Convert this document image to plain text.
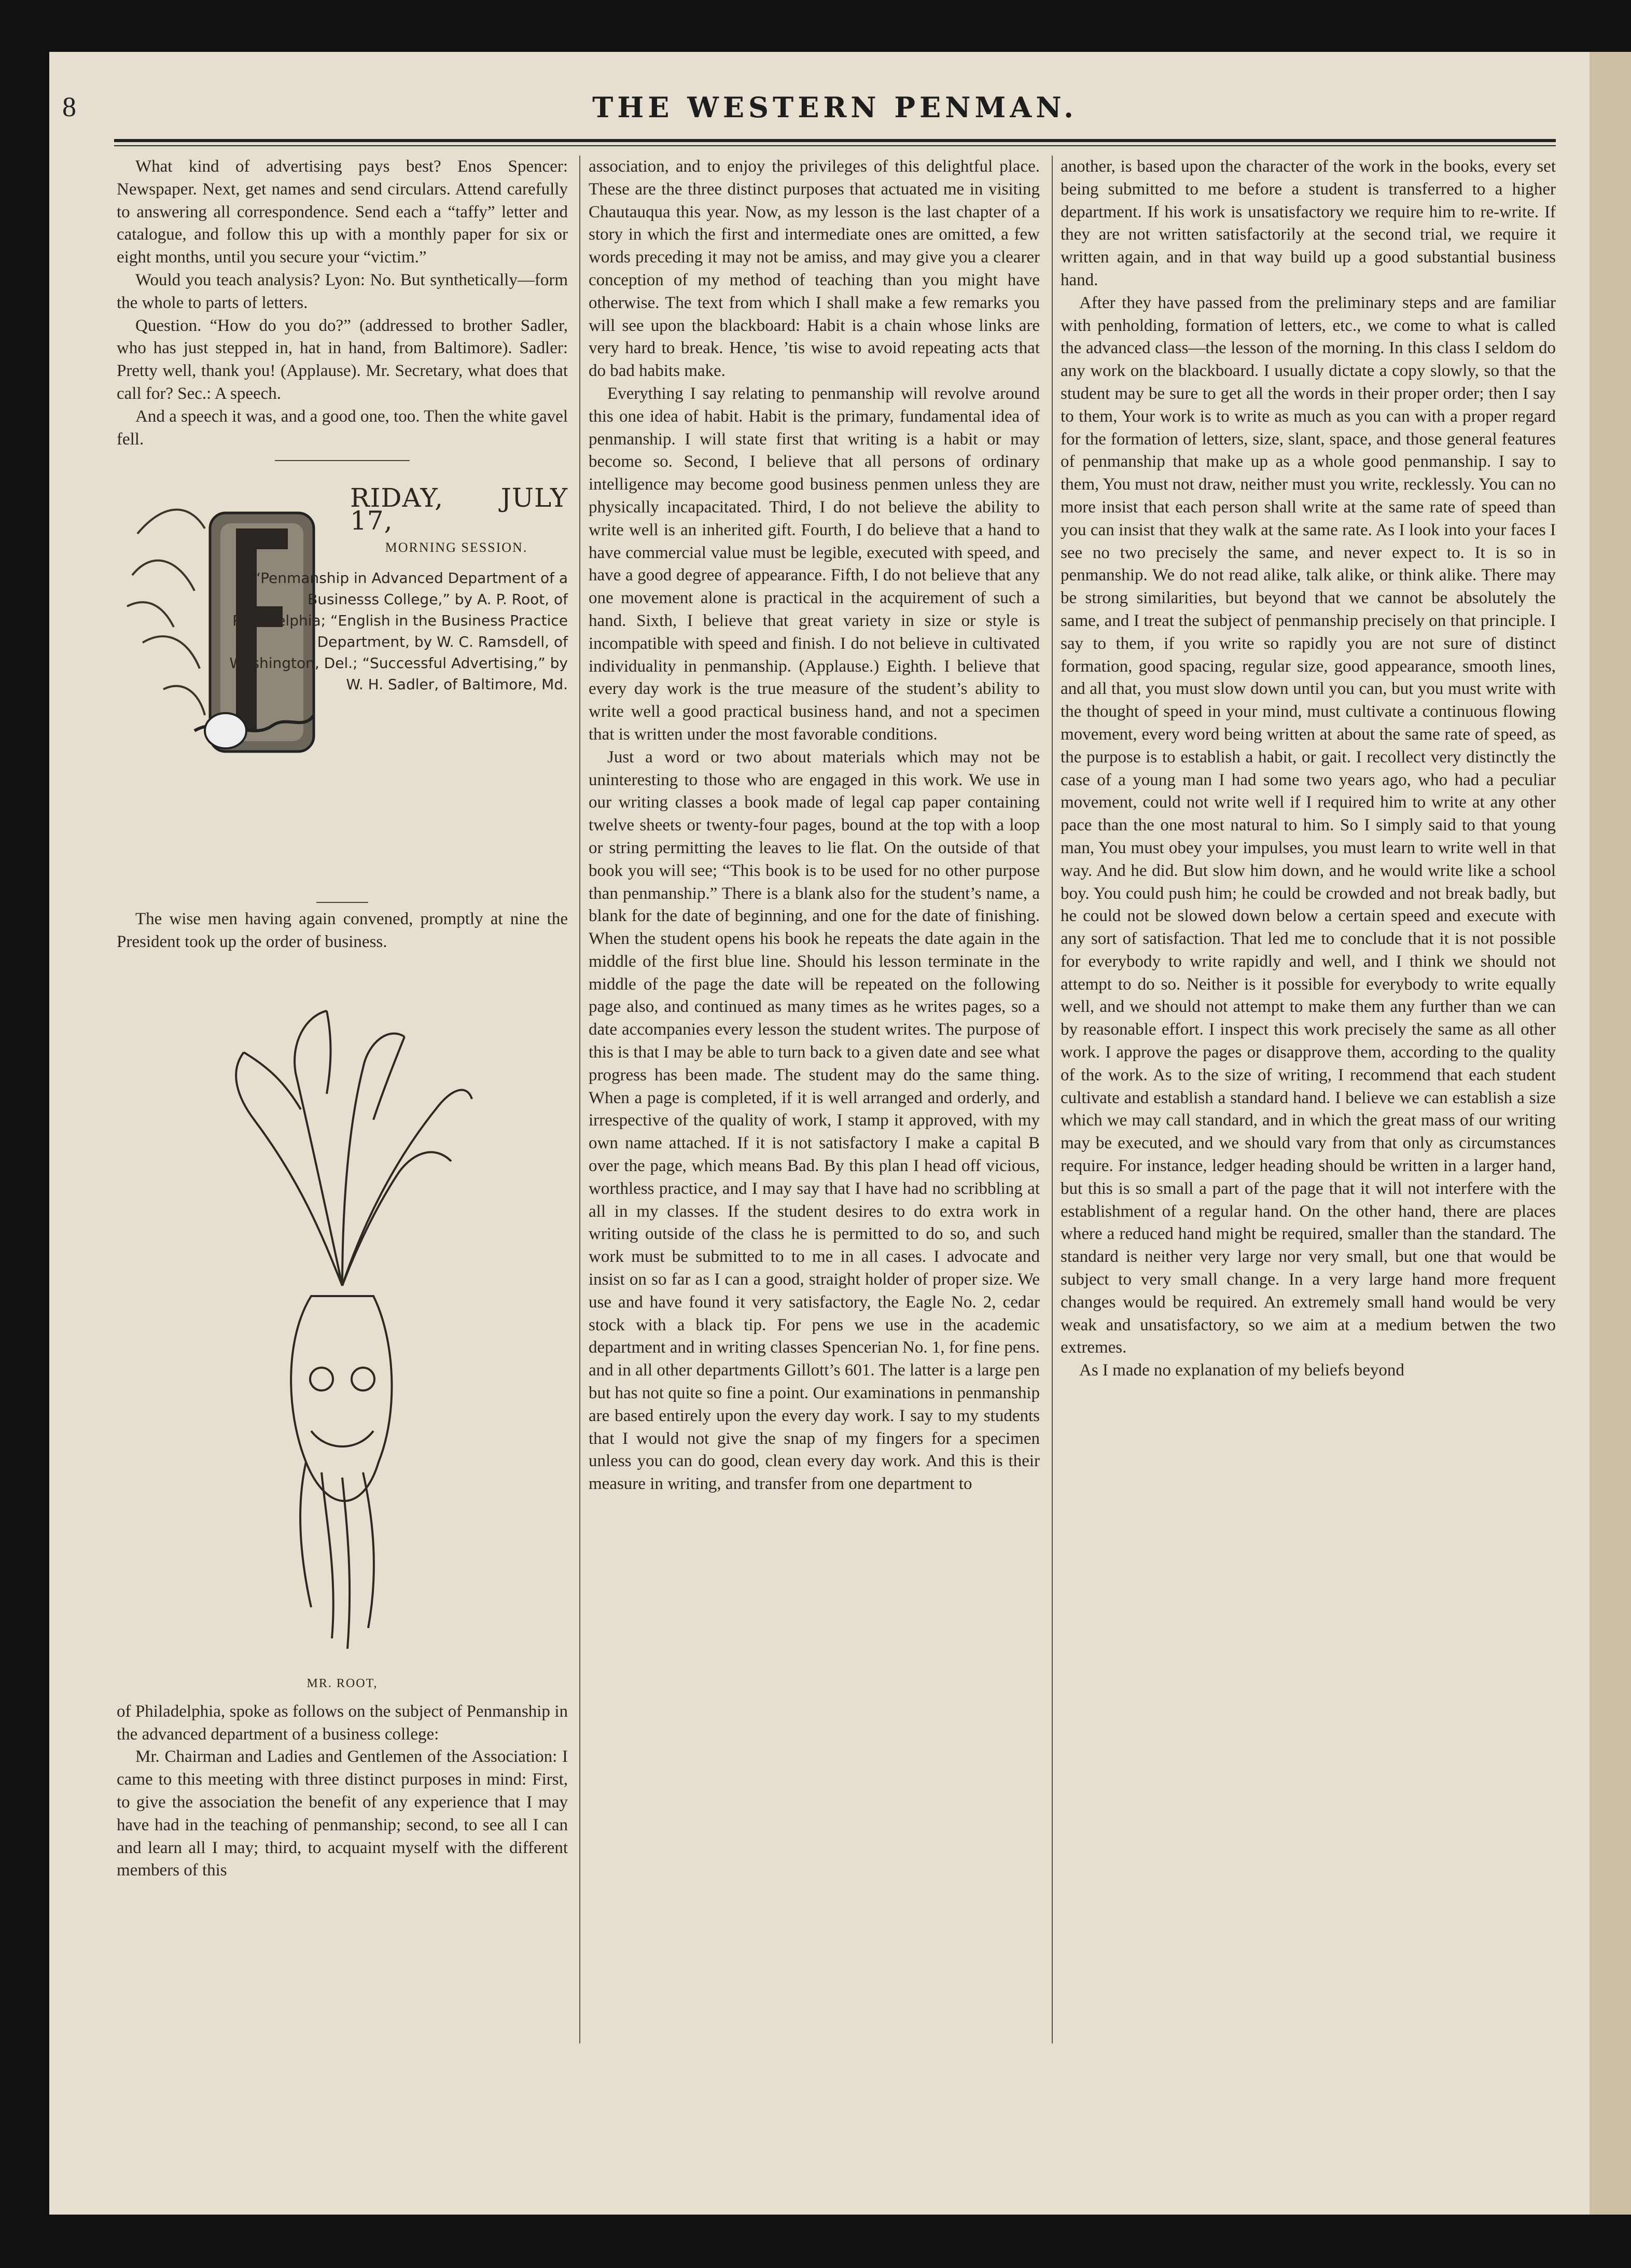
8	THE WESTERN PENMAN.

What kind of advertising pays best? Enos Spencer: Newspaper. Next, get names and send circulars. Attend carefully to answering all correspondence. Send each a “taffy” letter and catalogue, and follow this up with a monthly paper for six or eight months, until you secure your “victim.”

Would you teach analysis? Lyon: No. But synthetically—form the whole to parts of letters.

Question. “How do you do?” (addressed to brother Sadler, who has just stepped in, hat in hand, from Baltimore). Sadler: Pretty well, thank you! (Applause). Mr. Secretary, what does that call for? Sec.: A speech.

And a speech it was, and a good one, too. Then the white gavel fell.

RIDAY, JULY 17,
MORNING SESSION.
“Penmanship in Advanced Department of a Businesss College,” by A. P. Root, of Philadelphia; “English in the Business Practice Department, by W. C. Ramsdell, of Washington, Del.; “Successful Advertising,” by W. H. Sadler, of Baltimore, Md.

The wise men having again convened, promptly at nine the President took up the order of business.

MR. ROOT,

of Philadelphia, spoke as follows on the subject of Penmanship in the advanced department of a business college:

Mr. Chairman and Ladies and Gentlemen of the Association: I came to this meeting with three distinct purposes in mind: First, to give the association the benefit of any experience that I may have had in the teaching of penmanship; second, to see all I can and learn all I may; third, to acquaint myself with the different members of this

association, and to enjoy the privileges of this delightful place. These are the three distinct purposes that actuated me in visiting Chautauqua this year. Now, as my lesson is the last chapter of a story in which the first and intermediate ones are omitted, a few words preceding it may not be amiss, and may give you a clearer conception of my method of teaching than you might have otherwise. The text from which I shall make a few remarks you will see upon the blackboard: Habit is a chain whose links are very hard to break. Hence, ’tis wise to avoid repeating acts that do bad habits make.

Everything I say relating to penmanship will revolve around this one idea of habit. Habit is the primary, fundamental idea of penmanship. I will state first that writing is a habit or may become so. Second, I believe that all persons of ordinary intelligence may become good business penmen unless they are physically incapacitated. Third, I do not believe the ability to write well is an inherited gift. Fourth, I do believe that a hand to have commercial value must be legible, executed with speed, and have a good degree of appearance. Fifth, I do not believe that any one movement alone is practical in the acquirement of such a hand. Sixth, I believe that great variety in size or style is incompatible with speed and finish. I do not believe in cultivated individuality in penmanship. (Applause.) Eighth. I believe that every day work is the true measure of the student’s ability to write well a good practical business hand, and not a specimen that is written under the most favorable conditions.

Just a word or two about materials which may not be uninteresting to those who are engaged in this work. We use in our writing classes a book made of legal cap paper containing twelve sheets or twenty-four pages, bound at the top with a loop or string permitting the leaves to lie flat. On the outside of that book you will see; “This book is to be used for no other purpose than penmanship.” There is a blank also for the student’s name, a blank for the date of beginning, and one for the date of finishing. When the student opens his book he repeats the date again in the middle of the first blue line. Should his lesson terminate in the middle of the page the date will be repeated on the following page also, and continued as many times as he writes pages, so a date accompanies every lesson the student writes. The purpose of this is that I may be able to turn back to a given date and see what progress has been made. The student may do the same thing. When a page is completed, if it is well arranged and orderly, and irrespective of the quality of work, I stamp it approved, with my own name attached. If it is not satisfactory I make a capital B over the page, which means Bad. By this plan I head off vicious, worthless practice, and I may say that I have had no scribbling at all in my classes. If the student desires to do extra work in writing outside of the class he is permitted to do so, and such work must be submitted to to me in all cases. I advocate and insist on so far as I can a good, straight holder of proper size. We use and have found it very satisfactory, the Eagle No. 2, cedar stock with a black tip. For pens we use in the academic department and in writing classes Spencerian No. 1, for fine pens. and in all other departments Gillott’s 601. The latter is a large pen but has not quite so fine a point. Our examinations in penmanship are based entirely upon the every day work. I say to my students that I would not give the snap of my fingers for a specimen unless you can do good, clean every day work. And this is their measure in writing, and transfer from one department to

another, is based upon the character of the work in the books, every set being submitted to me before a student is transferred to a higher department. If his work is unsatisfactory we require him to re-write. If they are not written satisfactorily at the second trial, we require it written again, and in that way build up a good substantial business hand.

After they have passed from the preliminary steps and are familiar with penholding, formation of letters, etc., we come to what is called the advanced class—the lesson of the morning. In this class I seldom do any work on the blackboard. I usually dictate a copy slowly, so that the student may be sure to get all the words in their proper order; then I say to them, Your work is to write as much as you can with a proper regard for the formation of letters, size, slant, space, and those general features of penmanship that make up as a whole good penmanship. I say to them, You must not draw, neither must you write, recklessly. You can no more insist that each person shall write at the same rate of speed than you can insist that they walk at the same rate. As I look into your faces I see no two precisely the same, and never expect to. It is so in penmanship. We do not read alike, talk alike, or think alike. There may be strong similarities, but beyond that we cannot be absolutely the same, and I treat the subject of penmanship precisely on that principle. I say to them, if you write so rapidly you are not sure of distinct formation, good spacing, regular size, good appearance, smooth lines, and all that, you must slow down until you can, but you must write with the thought of speed in your mind, must cultivate a continuous flowing movement, every word being written at about the same rate of speed, as the purpose is to establish a habit, or gait. I recollect very distinctly the case of a young man I had some two years ago, who had a peculiar movement, could not write well if I required him to write at any other pace than the one most natural to him. So I simply said to that young man, You must obey your impulses, you must learn to write well in that way. And he did. But slow him down, and he would write like a school boy. You could push him; he could be crowded and not break badly, but he could not be slowed down below a certain speed and execute with any sort of satisfaction. That led me to conclude that it is not possible for everybody to write rapidly and well, and I think we should not attempt to do so. Neither is it possible for everybody to write equally well, and we should not attempt to make them any further than we can by reasonable effort. I inspect this work precisely the same as all other work. I approve the pages or disapprove them, according to the quality of the work. As to the size of writing, I recommend that each student cultivate and establish a standard hand. I believe we can establish a size which we may call standard, and in which the great mass of our writing may be executed, and we should vary from that only as circumstances require. For instance, ledger heading should be written in a larger hand, but this is so small a part of the page that it will not interfere with the establishment of a regular hand. On the other hand, there are places where a reduced hand might be required, smaller than the standard. The standard is neither very large nor very small, but one that would be subject to very small change. In a very large hand more frequent changes would be required. An extremely small hand would be very weak and unsatisfactory, so we aim at a medium betwen the two extremes.

As I made no explanation of my beliefs beyond
